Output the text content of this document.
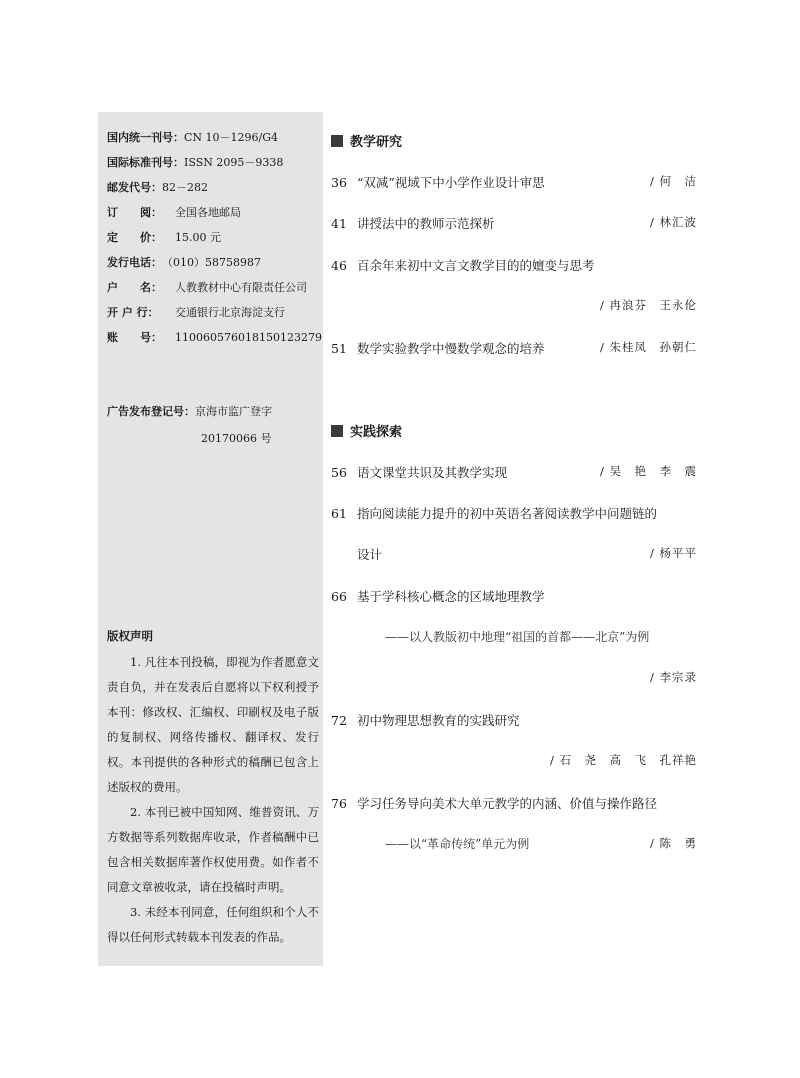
国内统一刊号：CN 10－1296/G4
国际标准刊号：ISSN 2095－9338
邮发代号：82－282
订　　阅： 全国各地邮局
定　　价： 15.00 元
发行电话：（010）58758987
户　　名： 人教教材中心有限责任公司
开 户 行： 交通银行北京海淀支行
账　　号： 110060576018150123279
广告发布登记号：京海市监广登字
20170066 号
版权声明

1. 凡往本刊投稿，即视为作者愿意文责自负，并在发表后自愿将以下权利授予本刊：修改权、汇编权、印刷权及电子版的复制权、网络传播权、翻译权、发行权。本刊提供的各种形式的稿酬已包含上述版权的费用。

2. 本刊已被中国知网、维普资讯、万方数据等系列数据库收录，作者稿酬中已包含相关数据库著作权使用费。如作者不同意文章被收录，请在投稿时声明。

3. 未经本刊同意，任何组织和个人不得以任何形式转载本刊发表的作品。

教学研究
36 “双减”视域下中小学作业设计审思	/ 何　洁
41 讲授法中的教师示范探析	/ 林汇波
46 百余年来初中文言文教学目的的嬗变与思考
/ 冉浪芬　王永伦
51 数学实验教学中慢数学观念的培养	/ 朱桂凤　孙朝仁
实践探索
56 语文课堂共识及其教学实现	/ 吴　艳　李　震
61 指向阅读能力提升的初中英语名著阅读教学中问题链的
设计	/ 杨平平
66 基于学科核心概念的区域地理教学
——以人教版初中地理“祖国的首都——北京”为例
/ 李宗录
72 初中物理思想教育的实践研究
/ 石　尧　高　飞　孔祥艳
76 学习任务导向美术大单元教学的内涵、价值与操作路径
——以“革命传统”单元为例	/ 陈　勇
